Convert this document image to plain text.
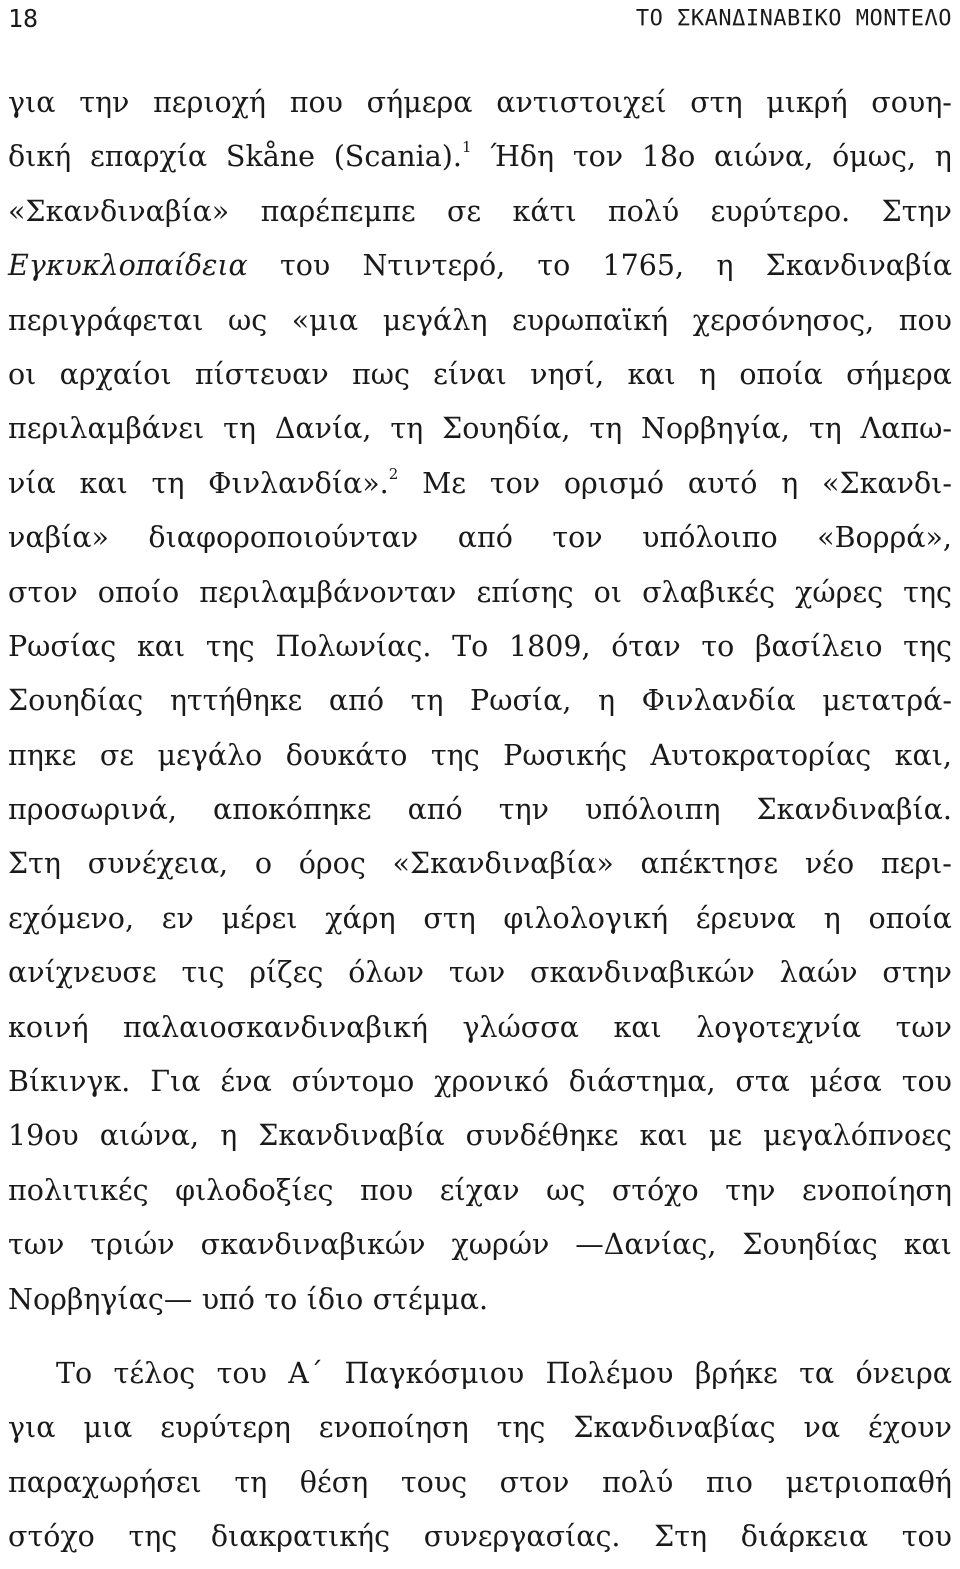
18	ΤΟ ΣΚΑΝΔΙΝΑΒΙΚΟ ΜΟΝΤΕΛΟ
για την περιοχή που σήμερα αντιστοιχεί στη μικρή σουη-
δική επαρχία Skåne (Scania).$^1$ Ήδη τον 18ο αιώνα, όμως, η
«Σκανδιναβία» παρέπεμπε σε κάτι πολύ ευρύτερο. Στην
Εγκυκλοπαίδεια του Ντιντερό, το 1765, η Σκανδιναβία
περιγράφεται ως «μια μεγάλη ευρωπαϊκή χερσόνησος, που
οι αρχαίοι πίστευαν πως είναι νησί, και η οποία σήμερα
περιλαμβάνει τη Δανία, τη Σουηδία, τη Νορβηγία, τη Λαπω-
νία και τη Φινλανδία».$^2$ Με τον ορισμό αυτό η «Σκανδι-
ναβία» διαφοροποιούνταν από τον υπόλοιπο «Βορρά»,
στον οποίο περιλαμβάνονταν επίσης οι σλαβικές χώρες της
Ρωσίας και της Πολωνίας. Το 1809, όταν το βασίλειο της
Σουηδίας ηττήθηκε από τη Ρωσία, η Φινλανδία μετατρά-
πηκε σε μεγάλο δουκάτο της Ρωσικής Αυτοκρατορίας και,
προσωρινά, αποκόπηκε από την υπόλοιπη Σκανδιναβία.
Στη συνέχεια, ο όρος «Σκανδιναβία» απέκτησε νέο περι-
εχόμενο, εν μέρει χάρη στη φιλολογική έρευνα η οποία
ανίχνευσε τις ρίζες όλων των σκανδιναβικών λαών στην
κοινή παλαιοσκανδιναβική γλώσσα και λογοτεχνία των
Βίκινγκ. Για ένα σύντομο χρονικό διάστημα, στα μέσα του
19ου αιώνα, η Σκανδιναβία συνδέθηκε και με μεγαλόπνοες
πολιτικές φιλοδοξίες που είχαν ως στόχο την ενοποίηση
των τριών σκανδιναβικών χωρών —Δανίας, Σουηδίας και
Νορβηγίας— υπό το ίδιο στέμμα.
Το τέλος του Α΄ Παγκόσμιου Πολέμου βρήκε τα όνειρα
για μια ευρύτερη ενοποίηση της Σκανδιναβίας να έχουν
παραχωρήσει τη θέση τους στον πολύ πιο μετριοπαθή
στόχο της διακρατικής συνεργασίας. Στη διάρκεια του
